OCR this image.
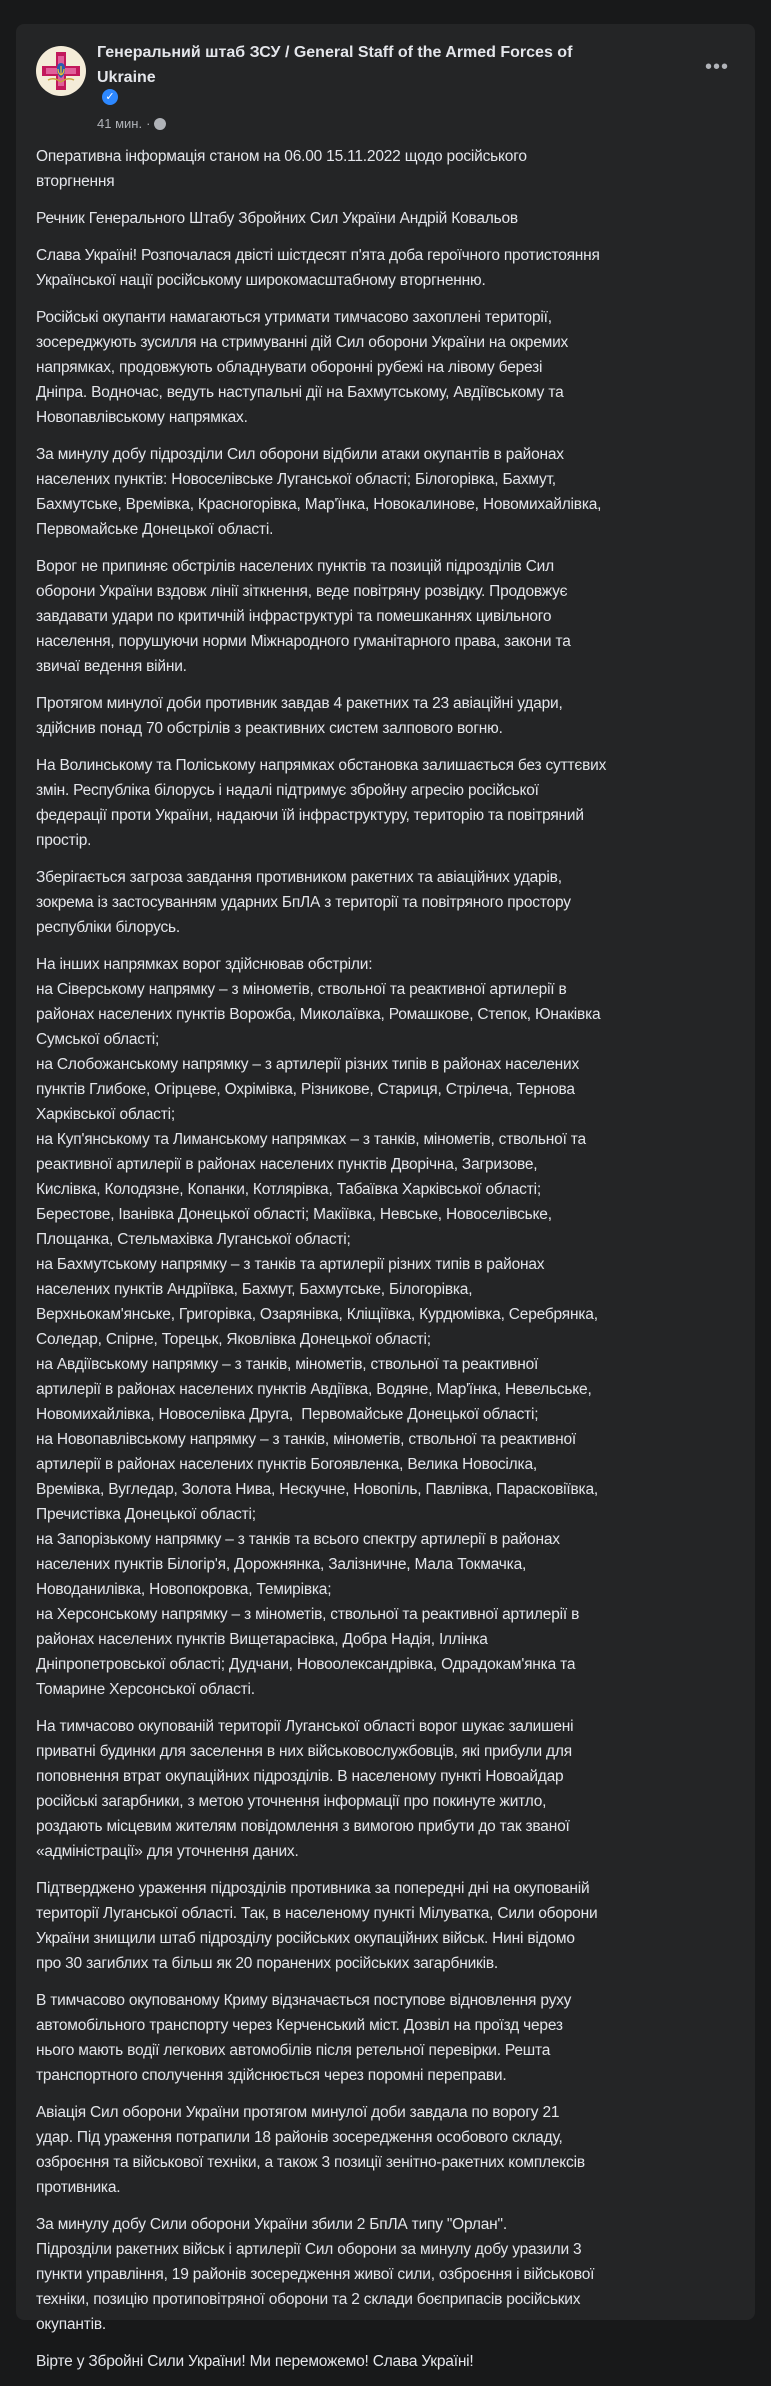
Генеральний штаб ЗСУ / General Staff of the Armed Forces of
Ukraine
✓
41 мин. ·
•••

Оперативна інформація станом на 06.00 15.11.2022 щодо російського
вторгнення

Речник Генерального Штабу Збройних Сил України Андрій Ковальов

Слава Україні! Розпочалася двісті шістдесят п'ята доба героїчного протистояння
Української нації російському широкомасштабному вторгненню.

Російські окупанти намагаються утримати тимчасово захоплені території,
зосереджують зусилля на стримуванні дій Сил оборони України на окремих
напрямках, продовжують обладнувати оборонні рубежі на лівому березі
Дніпра. Водночас, ведуть наступальні дії на Бахмутському, Авдіївському та
Новопавлівському напрямках.

За минулу добу підрозділи Сил оборони відбили атаки окупантів в районах
населених пунктів: Новоселівське Луганської області; Білогорівка, Бахмут,
Бахмутське, Времівка, Красногорівка, Мар'їнка, Новокалинове, Новомихайлівка,
Первомайське Донецької області.

Ворог не припиняє обстрілів населених пунктів та позицій підрозділів Сил
оборони України вздовж лінії зіткнення, веде повітряну розвідку. Продовжує
завдавати удари по критичній інфраструктурі та помешканнях цивільного
населення, порушуючи норми Міжнародного гуманітарного права, закони та
звичаї ведення війни.

Протягом минулої доби противник завдав 4 ракетних та 23 авіаційні удари,
здійснив понад 70 обстрілів з реактивних систем залпового вогню.

На Волинському та Поліському напрямках обстановка залишається без суттєвих
змін. Республіка білорусь і надалі підтримує збройну агресію російської
федерації проти України, надаючи їй інфраструктуру, територію та повітряний
простір.

Зберігається загроза завдання противником ракетних та авіаційних ударів,
зокрема із застосуванням ударних БпЛА з території та повітряного простору
республіки білорусь.

На інших напрямках ворог здійснював обстріли:
на Сіверському напрямку – з мінометів, ствольної та реактивної артилерії в
районах населених пунктів Ворожба, Миколаївка, Ромашкове, Степок, Юнаківка
Сумської області;
на Слобожанському напрямку – з артилерії різних типів в районах населених
пунктів Глибоке, Огірцеве, Охрімівка, Різникове, Стариця, Стрілеча, Тернова
Харківської області;
на Куп'янському та Лиманському напрямках – з танків, мінометів, ствольної та
реактивної артилерії в районах населених пунктів Дворічна, Загризове,
Кислівка, Колодязне, Копанки, Котлярівка, Табаївка Харківської області;
Берестове, Іванівка Донецької області; Макіївка, Невське, Новоселівське,
Площанка, Стельмахівка Луганської області;
на Бахмутському напрямку – з танків та артилерії різних типів в районах
населених пунктів Андріївка, Бахмут, Бахмутське, Білогорівка,
Верхньокам'янське, Григорівка, Озарянівка, Кліщіївка, Курдюмівка, Серебрянка,
Соледар, Спірне, Торецьк, Яковлівка Донецької області;
на Авдіївському напрямку – з танків, мінометів, ствольної та реактивної
артилерії в районах населених пунктів Авдіївка, Водяне, Мар'їнка, Невельське,
Новомихайлівка, Новоселівка Друга,  Первомайське Донецької області;
на Новопавлівському напрямку – з танків, мінометів, ствольної та реактивної
артилерії в районах населених пунктів Богоявленка, Велика Новосілка,
Времівка, Вугледар, Золота Нива, Нескучне, Новопіль, Павлівка, Парасковіївка,
Пречистівка Донецької області;
на Запорізькому напрямку – з танків та всього спектру артилерії в районах
населених пунктів Білогір'я, Дорожнянка, Залізничне, Мала Токмачка,
Новоданилівка, Новопокровка, Темирівка;
на Херсонському напрямку – з мінометів, ствольної та реактивної артилерії в
районах населених пунктів Вищетарасівка, Добра Надія, Іллінка
Дніпропетровської області; Дудчани, Новоолександрівка, Одрадокам'янка та
Томарине Херсонської області.

На тимчасово окупованій території Луганської області ворог шукає залишені
приватні будинки для заселення в них військовослужбовців, які прибули для
поповнення втрат окупаційних підрозділів. В населеному пункті Новоайдар
російські загарбники, з метою уточнення інформації про покинуте житло,
роздають місцевим жителям повідомлення з вимогою прибути до так званої
«адміністрації» для уточнення даних.

Підтверджено ураження підрозділів противника за попередні дні на окупованій
території Луганської області. Так, в населеному пункті Мілуватка, Сили оборони
України знищили штаб підрозділу російських окупаційних військ. Нині відомо
про 30 загиблих та більш як 20 поранених російських загарбників.

В тимчасово окупованому Криму відзначається поступове відновлення руху
автомобільного транспорту через Керченський міст. Дозвіл на проїзд через
нього мають водії легкових автомобілів після ретельної перевірки. Решта
транспортного сполучення здійснюється через поромні переправи.

Авіація Сил оборони України протягом минулої доби завдала по ворогу 21
удар. Під ураження потрапили 18 районів зосередження особового складу,
озброєння та військової техніки, а також 3 позиції зенітно-ракетних комплексів
противника.

За минулу добу Сили оборони України збили 2 БпЛА типу "Орлан".
Підрозділи ракетних військ і артилерії Сил оборони за минулу добу уразили 3
пункти управління, 19 районів зосередження живої сили, озброєння і військової
техніки, позицію протиповітряної оборони та 2 склади боєприпасів російських
окупантів.

Вірте у Збройні Сили України! Ми переможемо! Слава Україні!
